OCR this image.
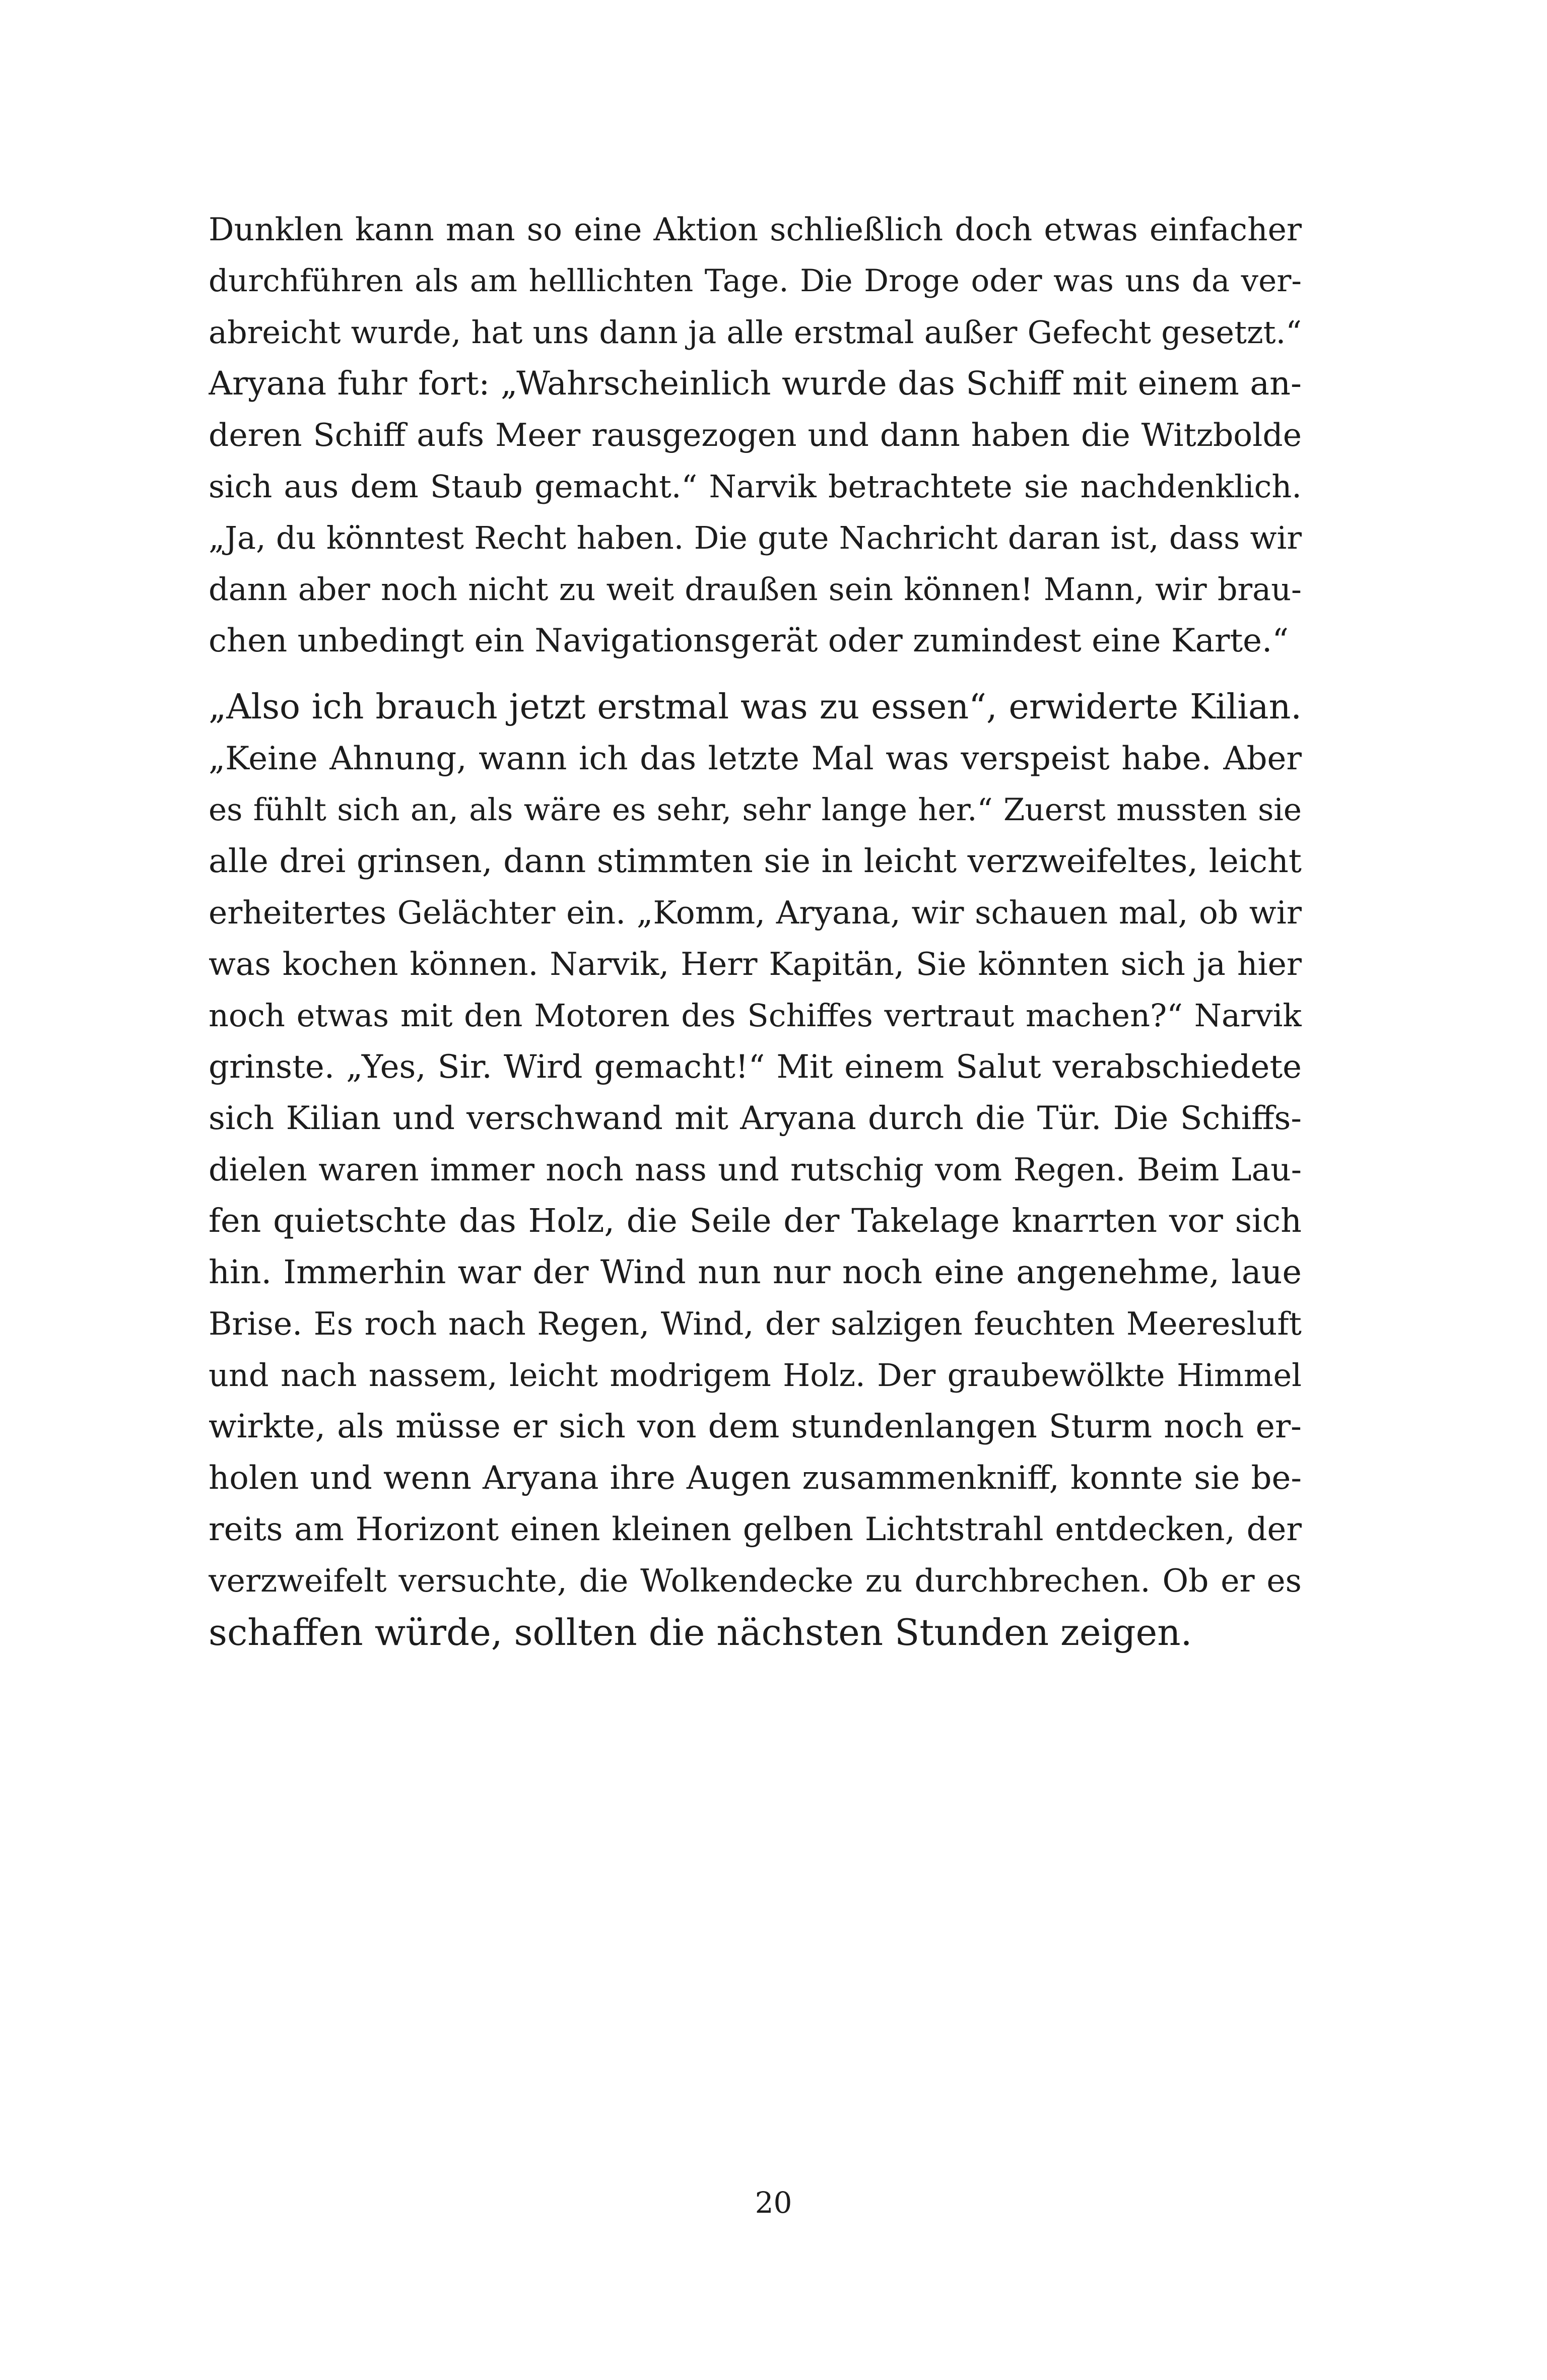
Dunklen kann man so eine Aktion schließlich doch etwas einfacher
durchführen als am helllichten Tage. Die Droge oder was uns da ver-
abreicht wurde, hat uns dann ja alle erstmal außer Gefecht gesetzt.“
Aryana fuhr fort: „Wahrscheinlich wurde das Schiff mit einem an-
deren Schiff aufs Meer rausgezogen und dann haben die Witzbolde
sich aus dem Staub gemacht.“ Narvik betrachtete sie nachdenklich.
„Ja, du könntest Recht haben. Die gute Nachricht daran ist, dass wir
dann aber noch nicht zu weit draußen sein können! Mann, wir brau-
chen unbedingt ein Navigationsgerät oder zumindest eine Karte.“
„Also ich brauch jetzt erstmal was zu essen“, erwiderte Kilian.
„Keine Ahnung, wann ich das letzte Mal was verspeist habe. Aber
es fühlt sich an, als wäre es sehr, sehr lange her.“ Zuerst mussten sie
alle drei grinsen, dann stimmten sie in leicht verzweifeltes, leicht
erheitertes Gelächter ein. „Komm, Aryana, wir schauen mal, ob wir
was kochen können. Narvik, Herr Kapitän, Sie könnten sich ja hier
noch etwas mit den Motoren des Schiffes vertraut machen?“ Narvik
grinste. „Yes, Sir. Wird gemacht!“ Mit einem Salut verabschiedete
sich Kilian und verschwand mit Aryana durch die Tür. Die Schiffs-
dielen waren immer noch nass und rutschig vom Regen. Beim Lau-
fen quietschte das Holz, die Seile der Takelage knarrten vor sich
hin. Immerhin war der Wind nun nur noch eine angenehme, laue
Brise. Es roch nach Regen, Wind, der salzigen feuchten Meeresluft
und nach nassem, leicht modrigem Holz. Der graubewölkte Himmel
wirkte, als müsse er sich von dem stundenlangen Sturm noch er-
holen und wenn Aryana ihre Augen zusammenkniff, konnte sie be-
reits am Horizont einen kleinen gelben Lichtstrahl entdecken, der
verzweifelt versuchte, die Wolkendecke zu durchbrechen. Ob er es
schaffen würde, sollten die nächsten Stunden zeigen.
20
